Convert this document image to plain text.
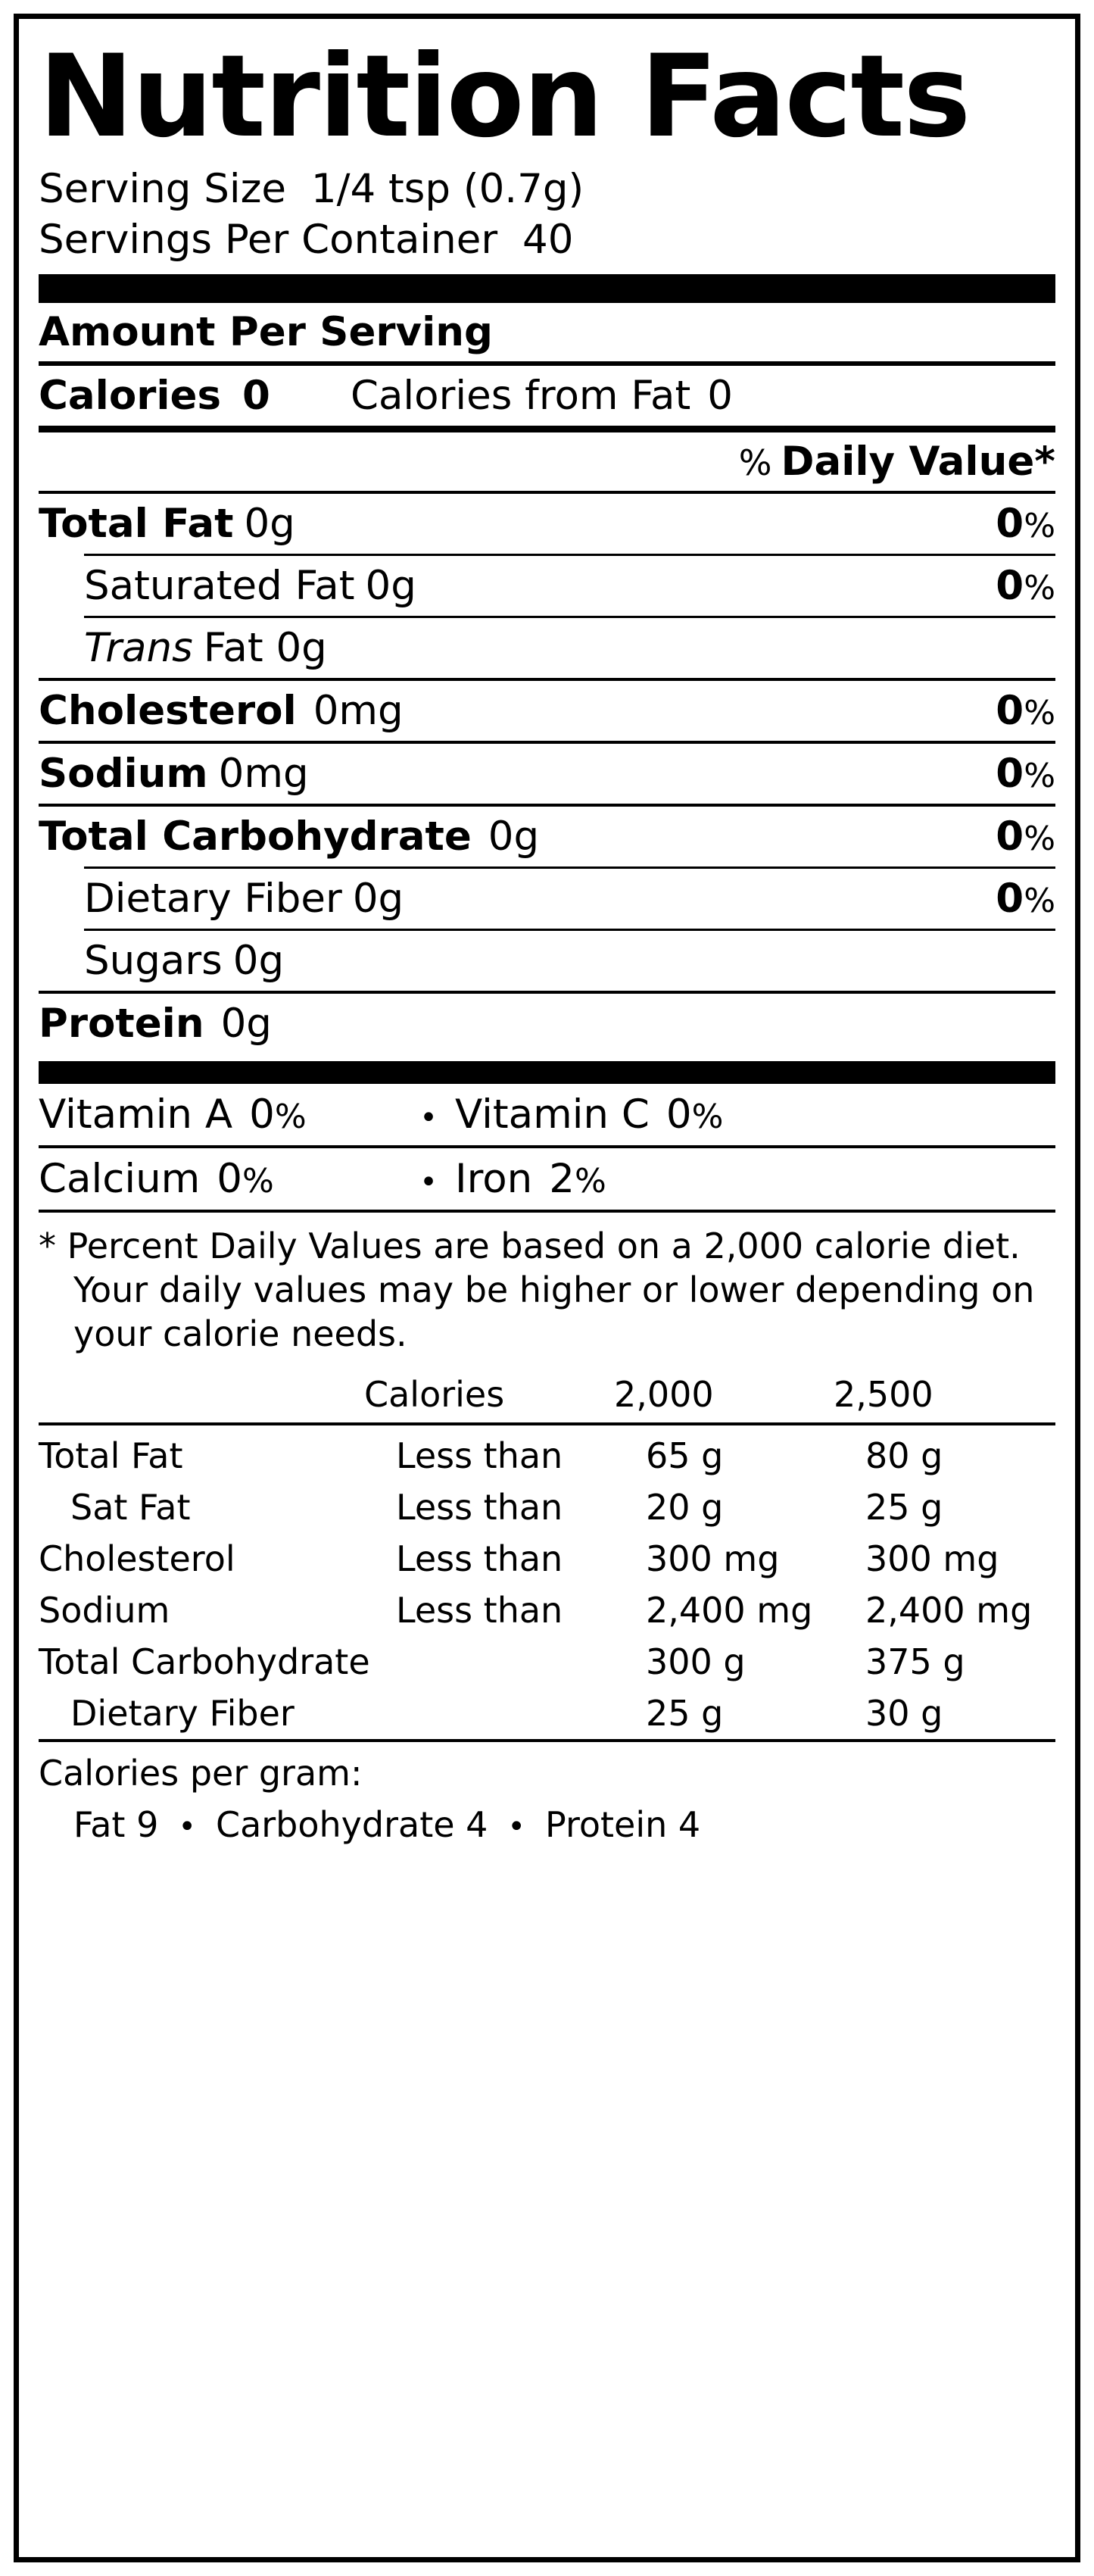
Nutrition Facts
Serving Size 1/4 tsp (0.7g)
Servings Per Container 40
Amount Per Serving
Calories 0 Calories from Fat 0
% Daily Value*
Total Fat 0g	0%
Saturated Fat 0g	0%
Trans Fat 0g
Cholesterol 0mg	0%
Sodium 0mg	0%
Total Carbohydrate 0g	0%
Dietary Fiber 0g	0%
Sugars 0g
Protein 0g
Vitamin A 0%	• Vitamin C 0%
Calcium 0%	• Iron 2%
* Percent Daily Values are based on a 2,000 calorie diet. Your daily values may be higher or lower depending on your calorie needs.
	Calories	2,000	2,500
Total Fat	Less than	65 g	80 g
Sat Fat	Less than	20 g	25 g
Cholesterol	Less than	300 mg	300 mg
Sodium	Less than	2,400 mg	2,400 mg
Total Carbohydrate		300 g	375 g
Dietary Fiber		25 g	30 g
Calories per gram:
Fat 9 • Carbohydrate 4 • Protein 4
